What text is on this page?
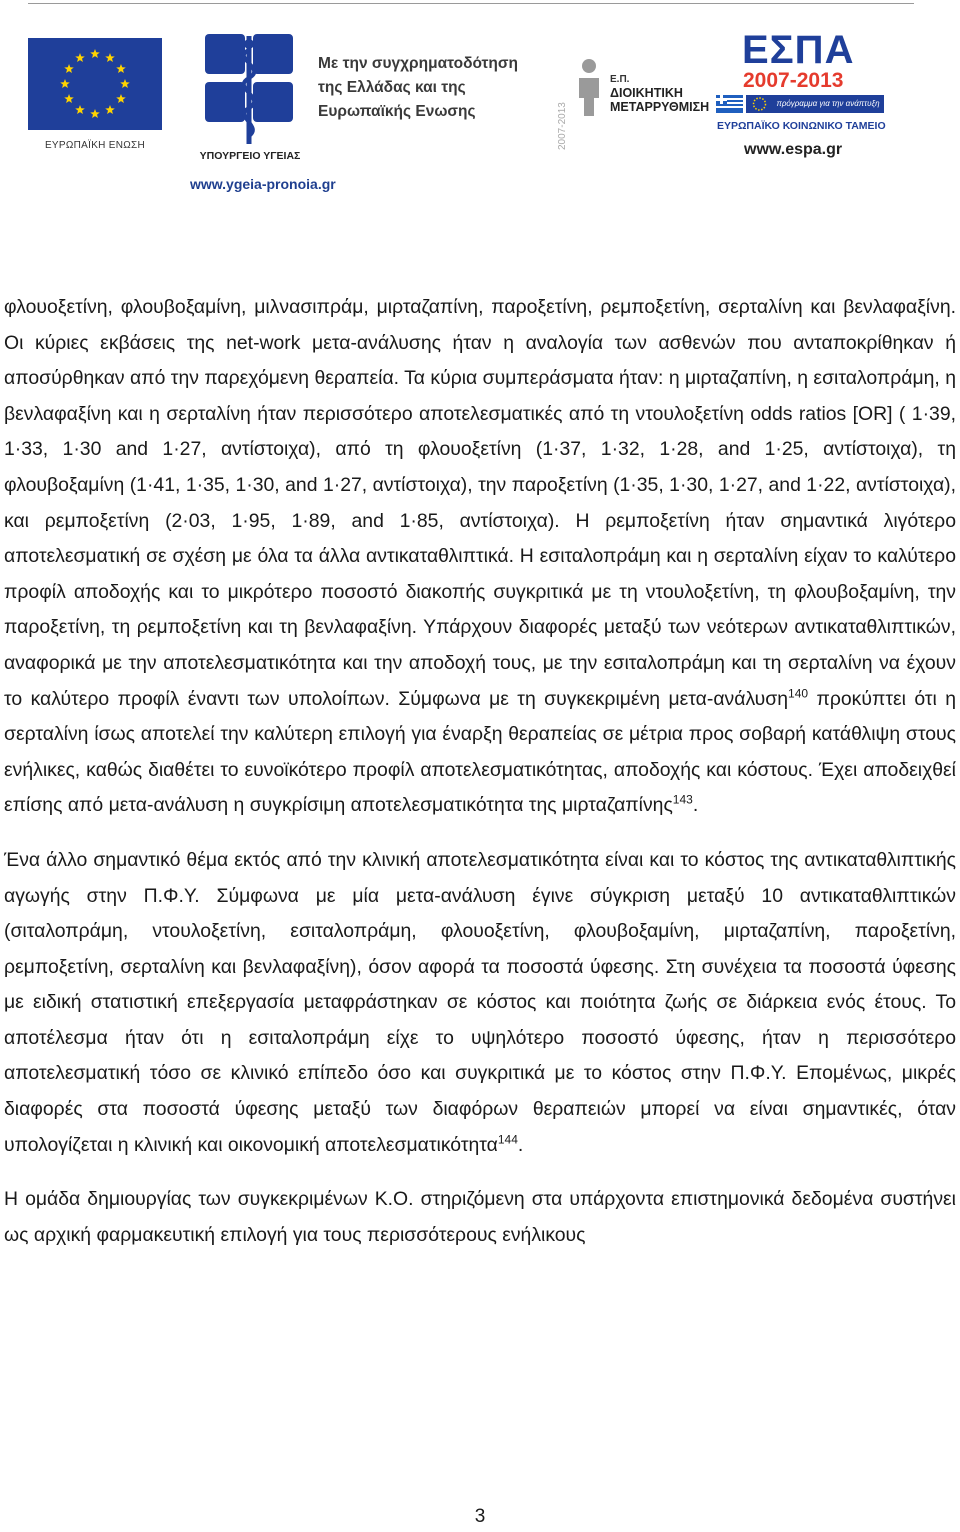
ΕΥΡΩΠΑΪΚΗ ΕΝΩΣΗ
ΥΠΟΥΡΓΕΙΟ ΥΓΕΙΑΣ
Με την συγχρηματοδότηση
της Ελλάδας και της
Ευρωπαϊκής Ενωσης
www.ygeia-pronoia.gr
2007-2013
Ε.Π.
ΔΙΟΙΚΗΤΙΚΗ
ΜΕΤΑΡΡΥΘΜΙΣΗ
ΕΣΠΑ
2007-2013
πρόγραμμα για την ανάπτυξη
ΕΥΡΩΠΑΪΚΟ ΚΟΙΝΩΝΙΚΟ ΤΑΜΕΙΟ
www.espa.gr

φλουοξετίνη, φλουβοξαμίνη, μιλνασιπράμ, μιρταζαπίνη, παροξετίνη, ρεμποξετίνη, σερταλίνη και βενλαφαξίνη. Οι κύριες εκβάσεις της net-work μετα-ανάλυσης ήταν η αναλογία των ασθενών που ανταποκρίθηκαν ή αποσύρθηκαν από την παρεχόμενη θεραπεία. Τα κύρια συμπεράσματα ήταν: η μιρταζαπίνη, η εσιταλοπράμη, η βενλαφαξίνη και η σερταλίνη ήταν περισσότερο αποτελεσματικές από τη ντουλοξετίνη odds ratios [OR] ( 1·39, 1·33, 1·30 and 1·27, αντίστοιχα), από τη φλουοξετίνη (1·37, 1·32, 1·28, and 1·25, αντίστοιχα), τη φλουβοξαμίνη (1·41, 1·35, 1·30, and 1·27, αντίστοιχα), την παροξετίνη (1·35, 1·30, 1·27, and 1·22, αντίστοιχα), και ρεμποξετίνη (2·03, 1·95, 1·89, and 1·85, αντίστοιχα). Η ρεμποξετίνη ήταν σημαντικά λιγότερο αποτελεσματική σε σχέση με όλα τα άλλα αντικαταθλιπτικά. Η εσιταλοπράμη και η σερταλίνη είχαν το καλύτερο προφίλ αποδοχής και το μικρότερο ποσοστό διακοπής συγκριτικά με τη ντουλοξετίνη, τη φλουβοξαμίνη, την παροξετίνη, τη ρεμποξετίνη και τη βενλαφαξίνη. Υπάρχουν διαφορές μεταξύ των νεότερων αντικαταθλιπτικών, αναφορικά με την αποτελεσματικότητα και την αποδοχή τους, με την εσιταλοπράμη και τη σερταλίνη να έχουν το καλύτερο προφίλ έναντι των υπολοίπων. Σύμφωνα με τη συγκεκριμένη μετα-ανάλυση$^{140}$ προκύπτει ότι η σερταλίνη ίσως αποτελεί την καλύτερη επιλογή για έναρξη θεραπείας σε μέτρια προς σοβαρή κατάθλιψη στους ενήλικες, καθώς διαθέτει το ευνοϊκότερο προφίλ αποτελεσματικότητας, αποδοχής και κόστους. Έχει αποδειχθεί επίσης από μετα-ανάλυση η συγκρίσιμη αποτελεσματικότητα της μιρταζαπίνης$^{143}$.

Ένα άλλο σημαντικό θέμα εκτός από την κλινική αποτελεσματικότητα είναι και το κόστος της αντικαταθλιπτικής αγωγής στην Π.Φ.Υ. Σύμφωνα με μία μετα-ανάλυση έγινε σύγκριση μεταξύ 10 αντικαταθλιπτικών (σιταλοπράμη, ντουλοξετίνη, εσιταλοπράμη, φλουοξετίνη, φλουβοξαμίνη, μιρταζαπίνη, παροξετίνη, ρεμποξετίνη, σερταλίνη και βενλαφαξίνη), όσον αφορά τα ποσοστά ύφεσης. Στη συνέχεια τα ποσοστά ύφεσης με ειδική στατιστική επεξεργασία μεταφράστηκαν σε κόστος και ποιότητα ζωής σε διάρκεια ενός έτους. Το αποτέλεσμα ήταν ότι η εσιταλοπράμη είχε το υψηλότερο ποσοστό ύφεσης, ήταν η περισσότερο αποτελεσματική τόσο σε κλινικό επίπεδο όσο και συγκριτικά με το κόστος στην Π.Φ.Υ. Επομένως, μικρές διαφορές στα ποσοστά ύφεσης μεταξύ των διαφόρων θεραπειών μπορεί να είναι σημαντικές, όταν υπολογίζεται η κλινική και οικονομική αποτελεσματικότητα$^{144}$.

Η ομάδα δημιουργίας των συγκεκριμένων Κ.Ο. στηριζόμενη στα υπάρχοντα επιστημονικά δεδομένα συστήνει ως αρχική φαρμακευτική επιλογή για τους περισσότερους ενήλικους

3
